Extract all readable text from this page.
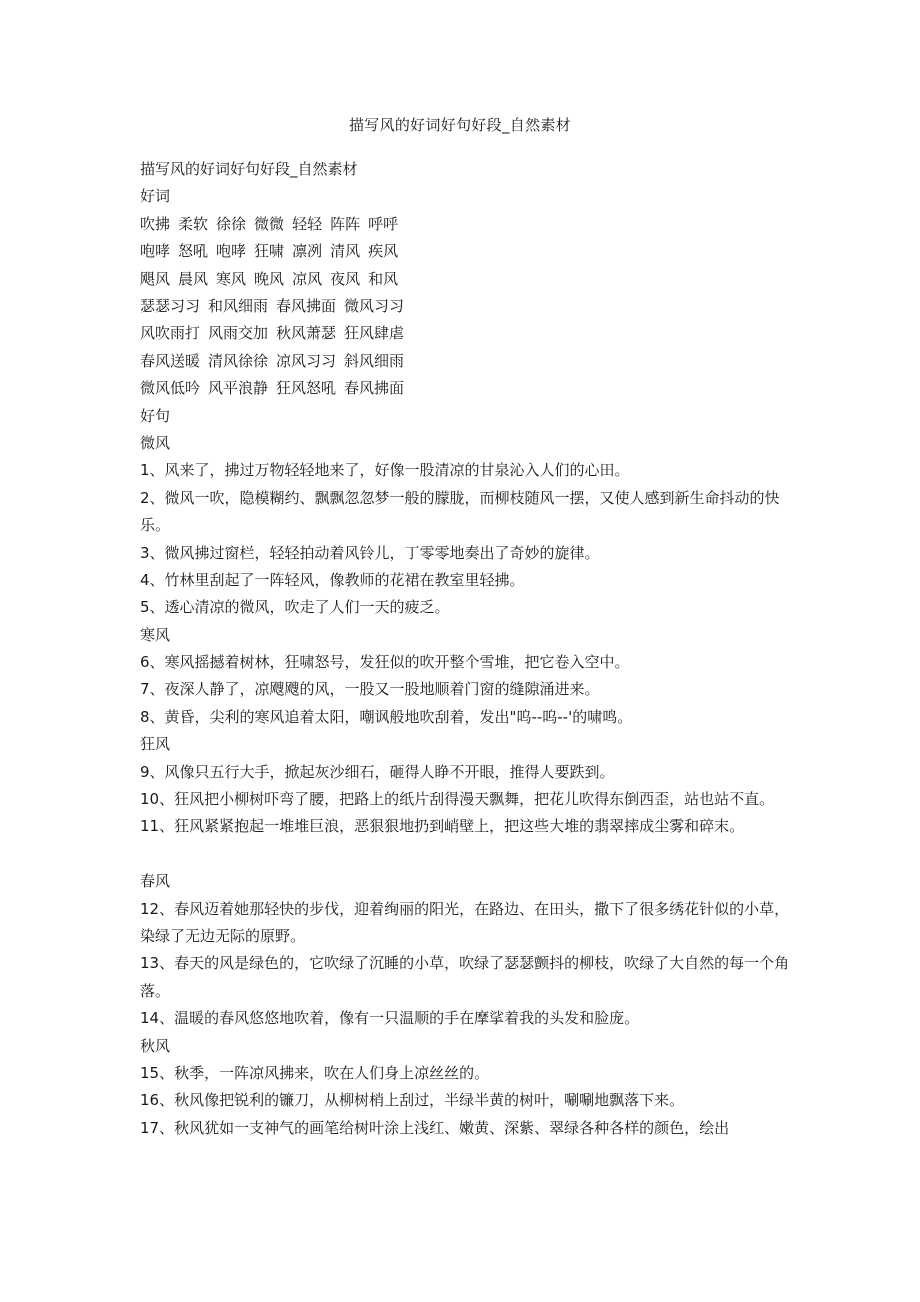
描写风的好词好句好段_自然素材
描写风的好词好句好段_自然素材
好词
吹拂 柔软 徐徐 微微 轻轻 阵阵 呼呼
咆哮 怒吼 咆哮 狂啸 凛冽 清风 疾风
飓风 晨风 寒风 晚风 凉风 夜风 和风
瑟瑟习习 和风细雨 春风拂面 微风习习
风吹雨打 风雨交加 秋风萧瑟 狂风肆虐
春风送暖 清风徐徐 凉风习习 斜风细雨
微风低吟 风平浪静 狂风怒吼 春风拂面
好句
微风
1、风来了，拂过万物轻轻地来了，好像一股清凉的甘泉沁入人们的心田。
2、微风一吹，隐模糊约、飘飘忽忽梦一般的朦胧，而柳枝随风一摆，又使人感到新生命抖动的快乐。
3、微风拂过窗栏，轻轻拍动着风铃儿，丁零零地奏出了奇妙的旋律。
4、竹林里刮起了一阵轻风，像教师的花裙在教室里轻拂。
5、透心清凉的微风，吹走了人们一天的疲乏。
寒风
6、寒风摇撼着树林，狂啸怒号，发狂似的吹开整个雪堆，把它卷入空中。
7、夜深人静了，凉飕飕的风，一股又一股地顺着门窗的缝隙涌进来。
8、黄昏，尖利的寒风追着太阳，嘲讽般地吹刮着，发出"呜--呜--'的啸鸣。
狂风
9、风像只五行大手，掀起灰沙细石，砸得人睁不开眼，推得人要跌到。
10、狂风把小柳树吓弯了腰，把路上的纸片刮得漫天飘舞，把花儿吹得东倒西歪，站也站不直。
11、狂风紧紧抱起一堆堆巨浪，恶狠狠地扔到峭壁上，把这些大堆的翡翠摔成尘雾和碎末。
春风
12、春风迈着她那轻快的步伐，迎着绚丽的阳光，在路边、在田头，撒下了很多绣花针似的小草，染绿了无边无际的原野。
13、春天的风是绿色的，它吹绿了沉睡的小草，吹绿了瑟瑟颤抖的柳枝，吹绿了大自然的每一个角落。
14、温暖的春风悠悠地吹着，像有一只温顺的手在摩挲着我的头发和脸庞。
秋风
15、秋季，一阵凉风拂来，吹在人们身上凉丝丝的。
16、秋风像把锐利的镰刀，从柳树梢上刮过，半绿半黄的树叶，唰唰地飘落下来。
17、秋风犹如一支神气的画笔给树叶涂上浅红、嫩黄、深紫、翠绿各种各样的颜色，绘出
